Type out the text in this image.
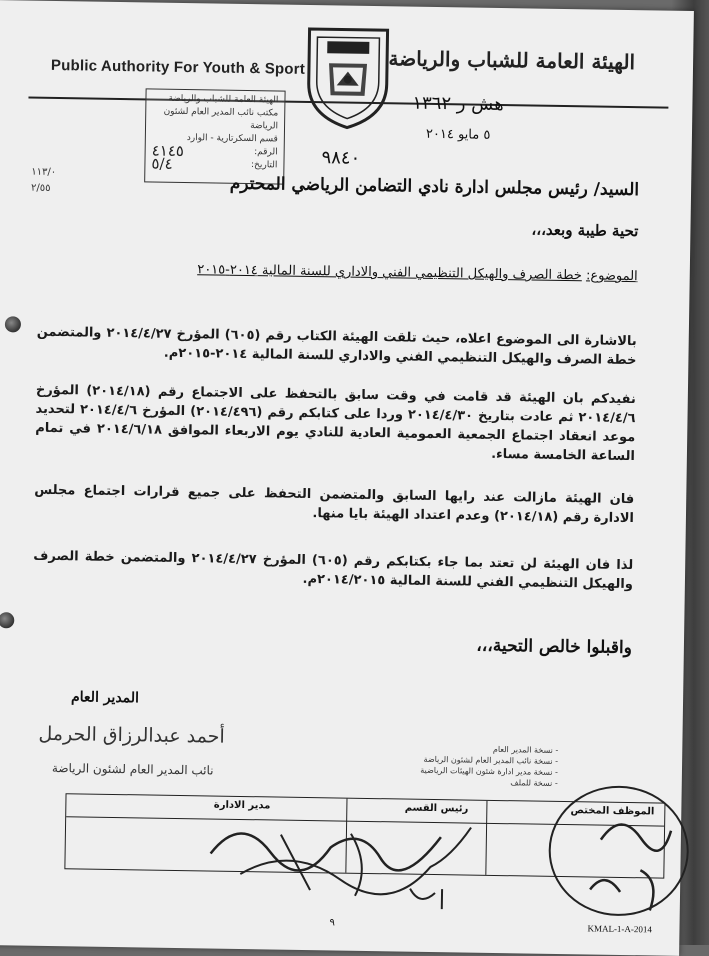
Public Authority For Youth & Sport	الهيئة العامة للشباب والرياضة
الهيئة العامة للشباب والرياضة
مكتب نائب المدير العام لشئون الرياضة
قسم السكرتارية - الوارد
الرقم:
٤١٤٥
التاريخ:
٥/٤
هش ر ١٣٦٢
٥ مايو ٢٠١٤
٩٨٤٠
١١٣/٠
٢/٥٥	السيد/ رئيس مجلس ادارة نادي التضامن الرياضي المحترم
تحية طيبة وبعد،،،
الموضوع: خطة الصرف والهيكل التنظيمي الفني والاداري للسنة المالية ٢٠١٤-٢٠١٥
بالاشارة الى الموضوع اعلاه، حيث تلقت الهيئة الكتاب رقم (٦٠٥) المؤرخ ٢٠١٤/٤/٢٧ والمتضمن خطة الصرف والهيكل التنظيمي الفني والاداري للسنة المالية ٢٠١٤-٢٠١٥م.
نفيدكم بان الهيئة قد قامت في وقت سابق بالتحفظ على الاجتماع رقم (٢٠١٤/١٨) المؤرخ ٢٠١٤/٤/٦ ثم عادت بتاريخ ٢٠١٤/٤/٣٠ وردا على كتابكم رقم (٢٠١٤/٤٩٦) المؤرخ ٢٠١٤/٤/٦ لتحديد موعد انعقاد اجتماع الجمعية العمومية العادية للنادي يوم الاربعاء الموافق ٢٠١٤/٦/١٨ في تمام الساعة الخامسة مساء.
فان الهيئة مازالت عند رايها السابق والمتضمن التحفظ على جميع قرارات اجتماع مجلس الادارة رقم (٢٠١٤/١٨) وعدم اعتداد الهيئة بايا منها.
لذا فان الهيئة لن تعتد بما جاء بكتابكم رقم (٦٠٥) المؤرخ ٢٠١٤/٤/٢٧ والمتضمن خطة الصرف والهيكل التنظيمي الفني للسنة المالية ٢٠١٤/٢٠١٥م.
واقبلوا خالص التحية،،،
المدير العام
أحمد عبدالرزاق الحرمل
نائب المدير العام لشئون الرياضة
- نسخة المدير العام
- نسخة نائب المدير العام لشئون الرياضة
- نسخة مدير ادارة شئون الهيئات الرياضية
- نسخة للملف
الموظف المختص
رئيس القسم
مدير الادارة
٩
KMAL-1-A-2014
